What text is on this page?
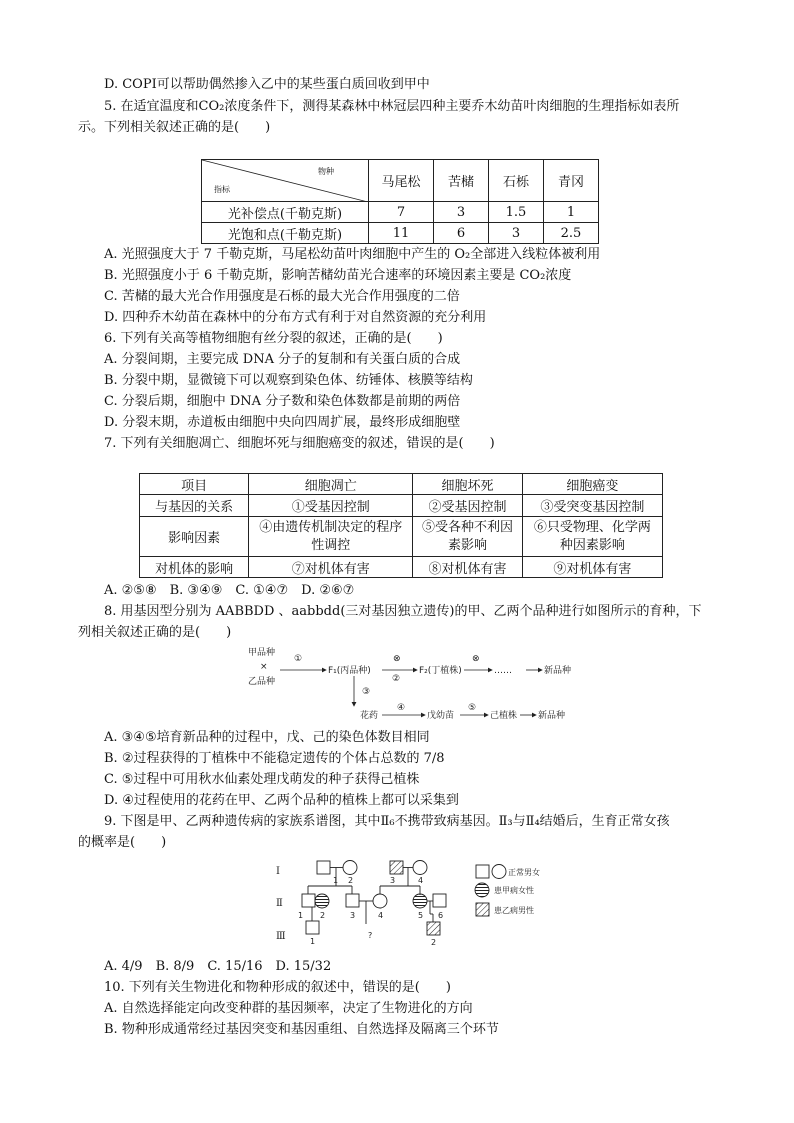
D. COPⅠ可以帮助偶然掺入乙中的某些蛋白质回收到甲中
5. 在适宜温度和CO₂浓度条件下，测得某森林中林冠层四种主要乔木幼苗叶肉细胞的生理指标如表所
示。下列相关叙述正确的是(　　)
物种
指标	马尾松	苦槠	石栎	青冈
光补偿点(千勒克斯)	7	3	1.5	1
光饱和点(千勒克斯)	11	6	3	2.5
A. 光照强度大于 7 千勒克斯，马尾松幼苗叶肉细胞中产生的 O₂全部进入线粒体被利用
B. 光照强度小于 6 千勒克斯，影响苦槠幼苗光合速率的环境因素主要是 CO₂浓度
C. 苦槠的最大光合作用强度是石栎的最大光合作用强度的二倍
D. 四种乔木幼苗在森林中的分布方式有利于对自然资源的充分利用
6. 下列有关高等植物细胞有丝分裂的叙述，正确的是(　　)
A. 分裂间期，主要完成 DNA 分子的复制和有关蛋白质的合成
B. 分裂中期，显微镜下可以观察到染色体、纺锤体、核膜等结构
C. 分裂后期，细胞中 DNA 分子数和染色体数都是前期的两倍
D. 分裂末期，赤道板由细胞中央向四周扩展，最终形成细胞壁
7. 下列有关细胞凋亡、细胞坏死与细胞癌变的叙述，错误的是(　　)
项目	细胞凋亡	细胞坏死	细胞癌变
与基因的关系	①受基因控制	②受基因控制	③受突变基因控制
影响因素	④由遗传机制决定的程序性调控	⑤受各种不利因素影响	⑥只受物理、化学两种因素影响
对机体的影响	⑦对机体有害	⑧对机体有害	⑨对机体有害
A. ②⑤⑧　B. ③④⑨　C. ①④⑦　D. ②⑥⑦
8. 用基因型分别为 AABBDD 、aabbdd(三对基因独立遗传)的甲、乙两个品种进行如图所示的育种，下
列相关叙述正确的是(　　)
甲品种
×
乙品种
①
F₁(丙品种)
⊗
②
F₂(丁植株)
⊗
……	新品种
③
花药
④
戊幼苗
⑤
己植株 新品种
A. ③④⑤培育新品种的过程中，戊、己的染色体数目相同
B. ②过程获得的丁植株中不能稳定遗传的个体占总数的 7/8
C. ⑤过程中可用秋水仙素处理戊萌发的种子获得己植株
D. ④过程使用的花药在甲、乙两个品种的植株上都可以采集到
9. 下图是甲、乙两种遗传病的家族系谱图，其中Ⅱ₆不携带致病基因。Ⅱ₃与Ⅱ₄结婚后，生育正常女孩
的概率是(　　)
Ⅰ
Ⅱ
Ⅲ
1 2	3	4
1 2	3	4	5 6
1	2
?
正常男女
患甲病女性
患乙病男性
A. 4/9　B. 8/9　C. 15/16　D. 15/32
10. 下列有关生物进化和物种形成的叙述中，错误的是(　　)
A. 自然选择能定向改变种群的基因频率，决定了生物进化的方向
B. 物种形成通常经过基因突变和基因重组、自然选择及隔离三个环节
